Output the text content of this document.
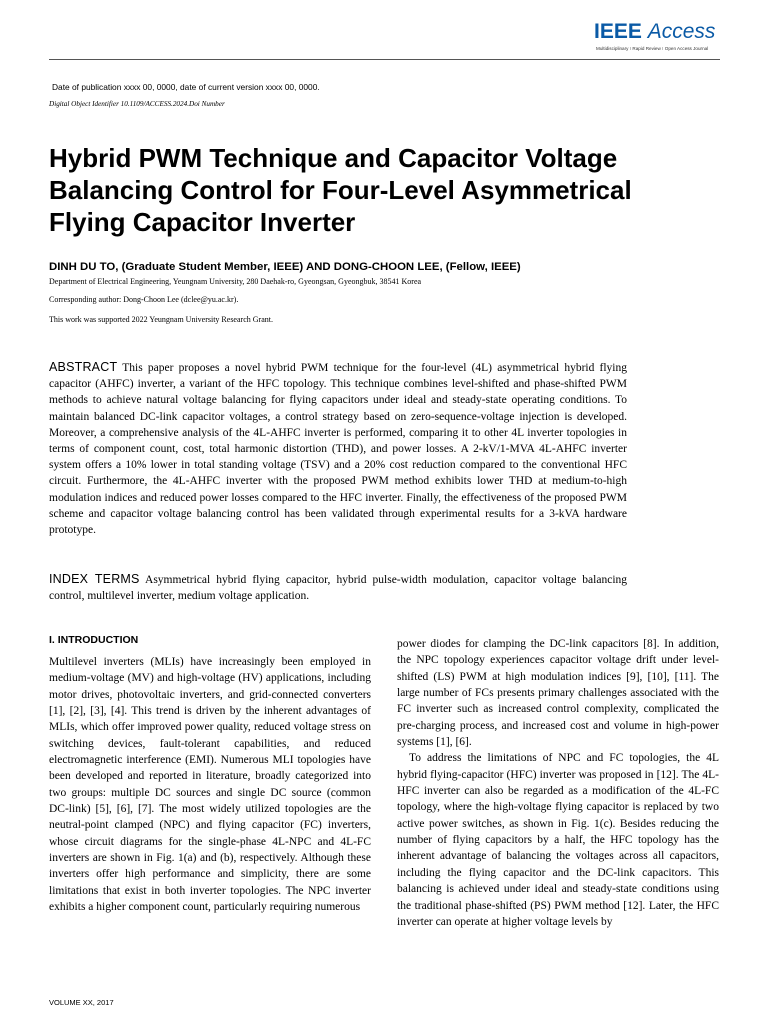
IEEE Access
Multidisciplinary ⁝ Rapid Review ⁝ Open Access Journal
Date of publication xxxx 00, 0000, date of current version xxxx 00, 0000.
Digital Object Identifier 10.1109/ACCESS.2024.Doi Number
Hybrid PWM Technique and Capacitor Voltage
Balancing Control for Four-Level Asymmetrical
Flying Capacitor Inverter
DINH DU TO, (Graduate Student Member, IEEE) AND DONG-CHOON LEE, (Fellow, IEEE)
Department of Electrical Engineering, Yeungnam University, 280 Daehak-ro, Gyeongsan, Gyeongbuk, 38541 Korea
Corresponding author: Dong-Choon Lee (dclee@yu.ac.kr).
This work was supported 2022 Yeungnam University Research Grant.
ABSTRACT This paper proposes a novel hybrid PWM technique for the four-level (4L) asymmetrical hybrid flying capacitor (AHFC) inverter, a variant of the HFC topology. This technique combines level-shifted and phase-shifted PWM methods to achieve natural voltage balancing for flying capacitors under ideal and steady-state operating conditions. To maintain balanced DC-link capacitor voltages, a control strategy based on zero-sequence-voltage injection is developed. Moreover, a comprehensive analysis of the 4L-AHFC inverter is performed, comparing it to other 4L inverter topologies in terms of component count, cost, total harmonic distortion (THD), and power losses. A 2-kV/1-MVA 4L-AHFC inverter system offers a 10% lower in total standing voltage (TSV) and a 20% cost reduction compared to the conventional HFC circuit. Furthermore, the 4L-AHFC inverter with the proposed PWM method exhibits lower THD at medium-to-high modulation indices and reduced power losses compared to the HFC inverter. Finally, the effectiveness of the proposed PWM scheme and capacitor voltage balancing control has been validated through experimental results for a 3-kVA hardware prototype.
INDEX TERMS Asymmetrical hybrid flying capacitor, hybrid pulse-width modulation, capacitor voltage balancing control, multilevel inverter, medium voltage application.
I. INTRODUCTION

Multilevel inverters (MLIs) have increasingly been employed in medium-voltage (MV) and high-voltage (HV) applications, including motor drives, photovoltaic inverters, and grid-connected converters [1], [2], [3], [4]. This trend is driven by the inherent advantages of MLIs, which offer improved power quality, reduced voltage stress on switching devices, fault-tolerant capabilities, and reduced electromagnetic interference (EMI). Numerous MLI topologies have been developed and reported in literature, broadly categorized into two groups: multiple DC sources and single DC source (common DC-link) [5], [6], [7]. The most widely utilized topologies are the neutral-point clamped (NPC) and flying capacitor (FC) inverters, whose circuit diagrams for the single-phase 4L-NPC and 4L-FC inverters are shown in Fig. 1(a) and (b), respectively. Although these inverters offer high performance and simplicity, there are some limitations that exist in both inverter topologies. The NPC inverter exhibits a higher component count, particularly requiring numerous

power diodes for clamping the DC-link capacitors [8]. In addition, the NPC topology experiences capacitor voltage drift under level-shifted (LS) PWM at high modulation indices [9], [10], [11]. The large number of FCs presents primary challenges associated with the FC inverter such as increased control complexity, complicated the pre-charging process, and increased cost and volume in high-power systems [1], [6].

To address the limitations of NPC and FC topologies, the 4L hybrid flying-capacitor (HFC) inverter was proposed in [12]. The 4L-HFC inverter can also be regarded as a modification of the 4L-FC topology, where the high-voltage flying capacitor is replaced by two active power switches, as shown in Fig. 1(c). Besides reducing the number of flying capacitors by a half, the HFC topology has the inherent advantage of balancing the voltages across all capacitors, including the flying capacitor and the DC-link capacitors. This balancing is achieved under ideal and steady-state conditions using the traditional phase-shifted (PS) PWM method [12]. Later, the HFC inverter can operate at higher voltage levels by

VOLUME XX, 2017
